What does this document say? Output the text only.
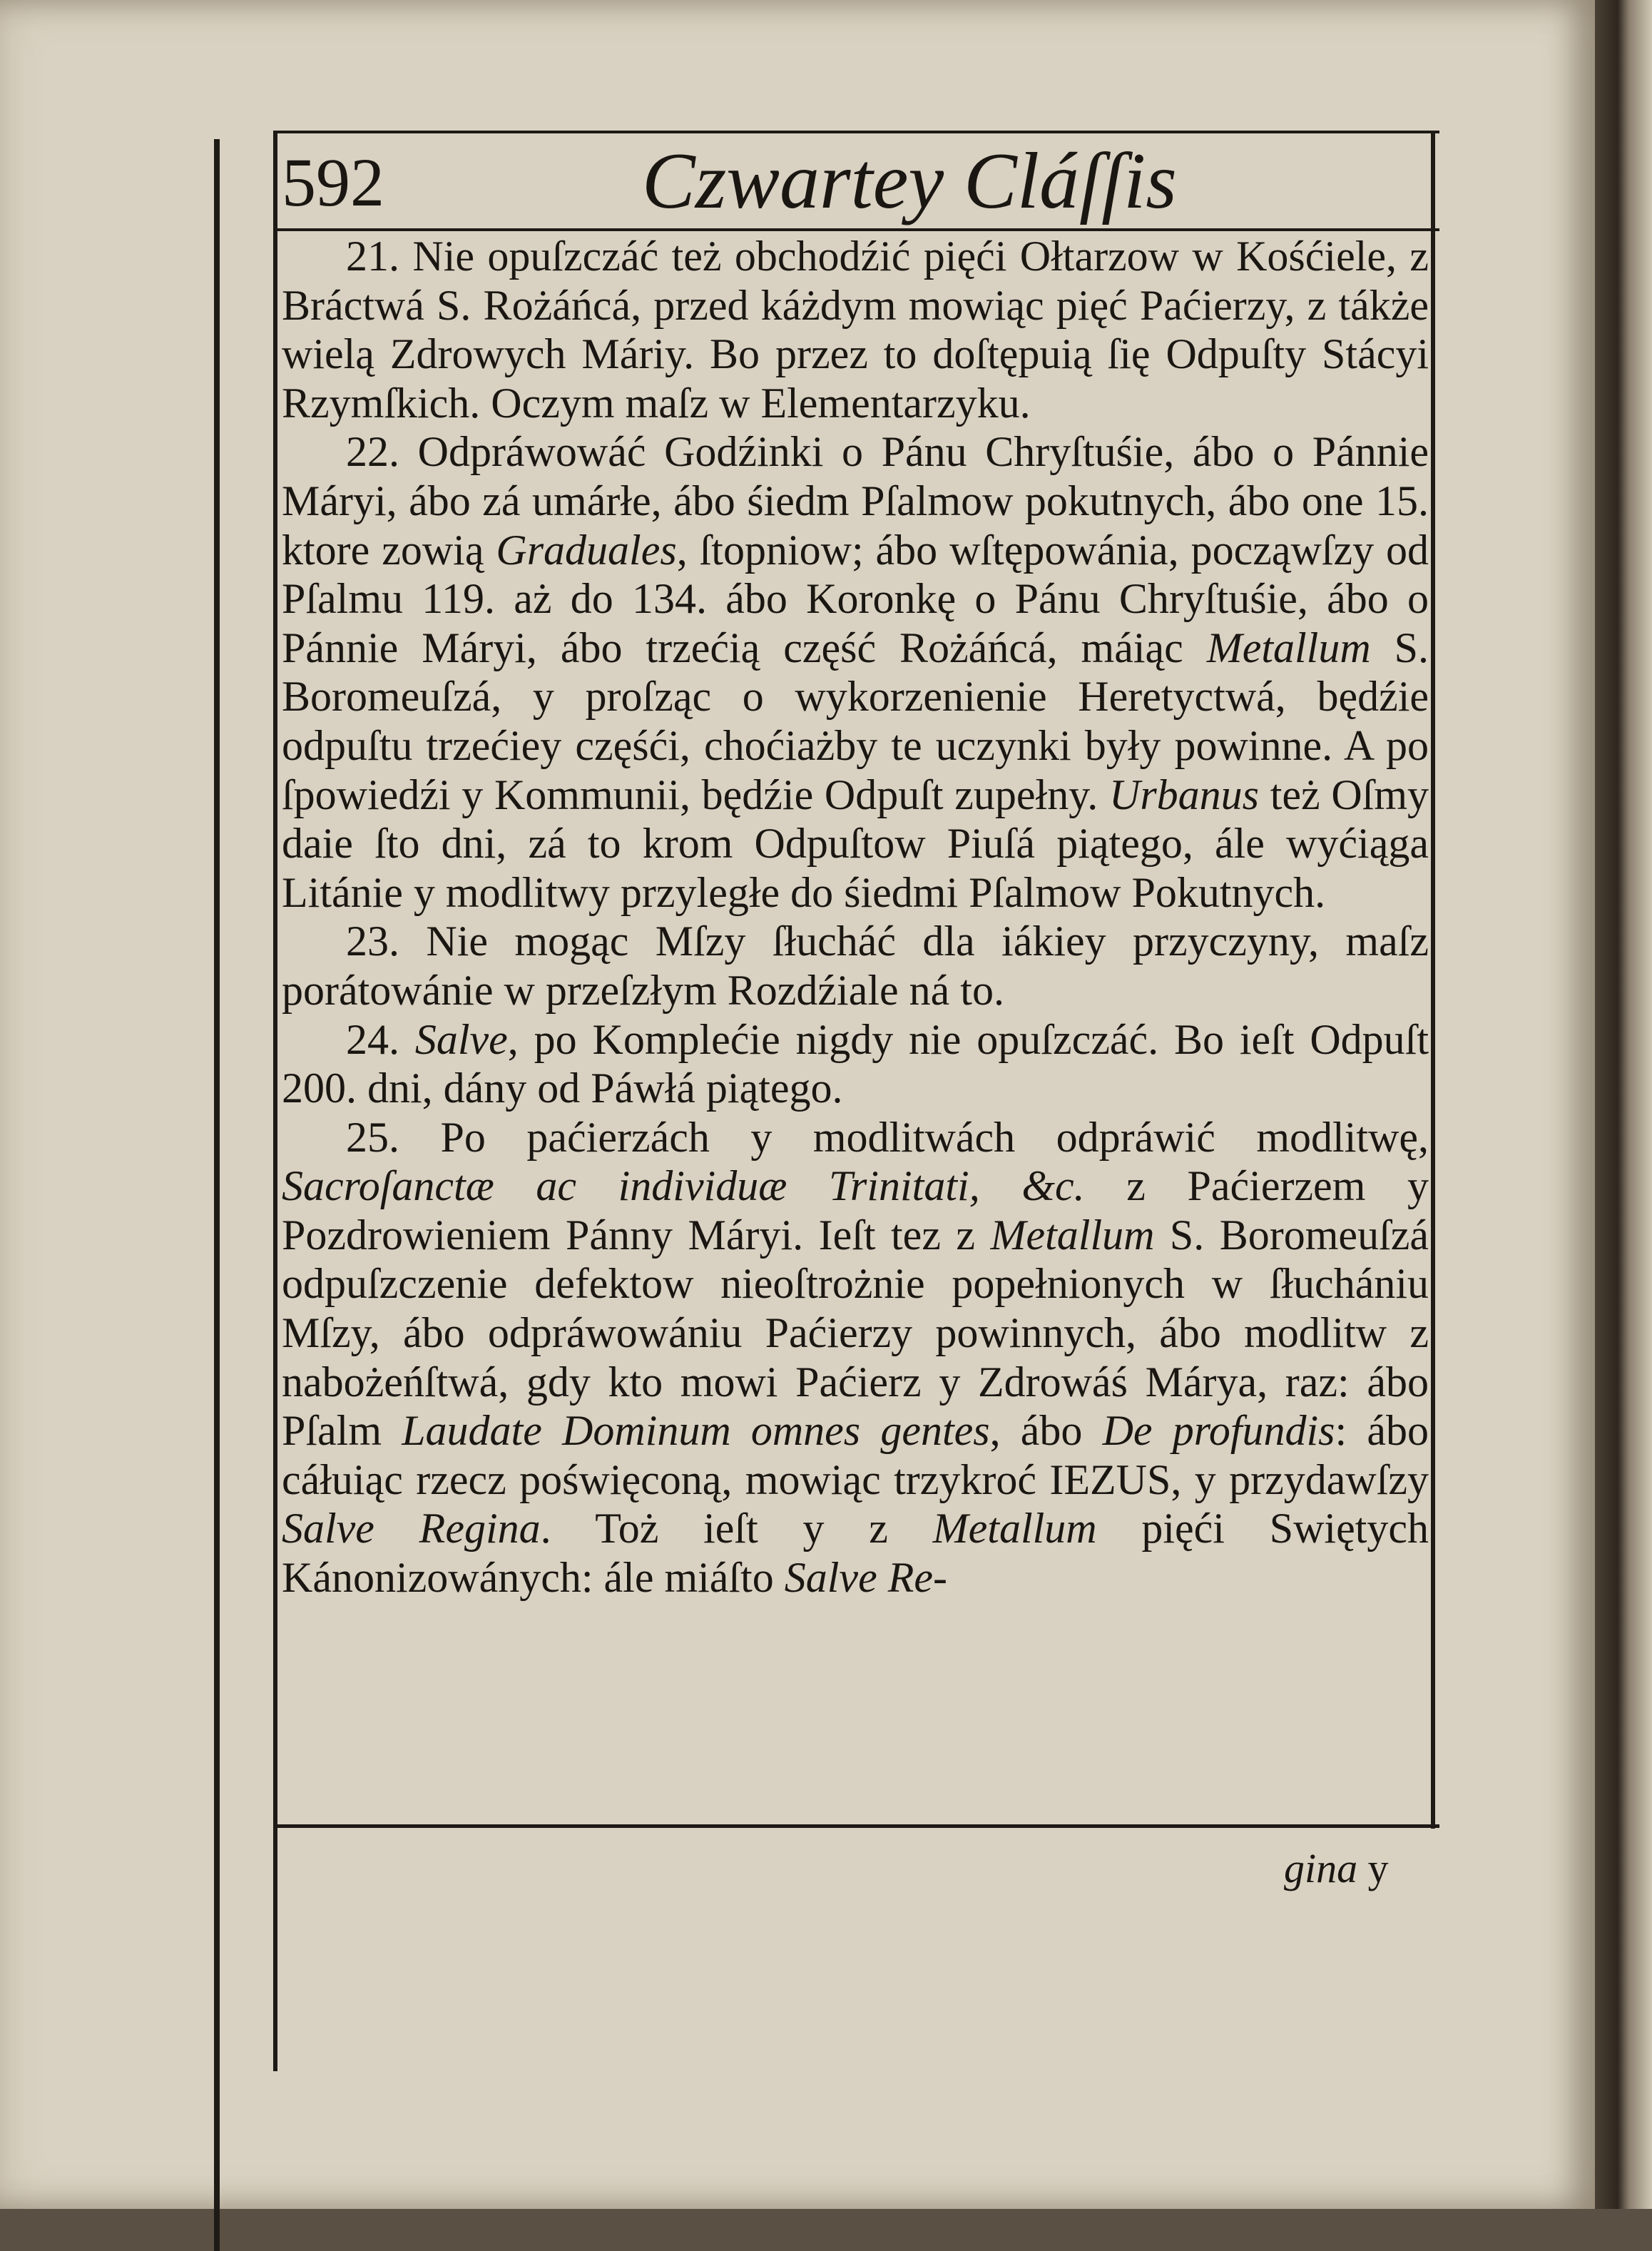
592	Czwartey Cláſſis

21. Nie opuſzczáć też obchodźić pięći Ołtarzow w Kośćiele, z Bráctwá S. Rożáńcá, przed káżdym mowiąc pięć Paćierzy, z tákże wielą Zdrowych Máriy. Bo przez to doſtępuią ſię Odpuſty Stácyi Rzymſkich. Oczym maſz w Elementarzyku.

22. Odpráwowáć Godźinki o Pánu Chryſtuśie, ábo o Pánnie Máryi, ábo zá umárłe, ábo śiedm Pſalmow pokutnych, ábo one 15. ktore zowią Graduales, ſtopniow; ábo wſtępowánia, począwſzy od Pſalmu 119. aż do 134. ábo Koronkę o Pánu Chryſtuśie, ábo o Pánnie Máryi, ábo trzećią część Rożáńcá, máiąc Metallum S. Boromeuſzá, y proſząc o wykorzenienie Heretyctwá, będźie odpuſtu trzećiey częśći, choćiażby te uczynki były powinne. A po ſpowiedźi y Kommunii, będźie Odpuſt zupełny. Urbanus też Oſmy daie ſto dni, zá to krom Odpuſtow Piuſá piątego, ále wyćiąga Litánie y modlitwy przyległe do śiedmi Pſalmow Pokutnych.

23. Nie mogąc Mſzy ſłucháć dla iákiey przyczyny, maſz porátowánie w przeſzłym Rozdźiale ná to.

24. Salve, po Komplećie nigdy nie opuſzczáć. Bo ieſt Odpuſt 200. dni, dány od Páwłá piątego.

25. Po paćierzách y modlitwách odpráwić modlitwę, Sacroſanctæ ac individuæ Trinitati, &c. z Paćierzem y Pozdrowieniem Pánny Máryi. Ieſt tez z Metallum S. Boromeuſzá odpuſzczenie defektow nieoſtrożnie popełnionych w ſłuchániu Mſzy, ábo odpráwowániu Paćierzy powinnych, ábo modlitw z nabożeńſtwá, gdy kto mowi Paćierz y Zdrowáś Márya, raz: ábo Pſalm Laudate Dominum omnes gentes, ábo De profundis: ábo cáłuiąc rzecz poświęconą, mowiąc trzykroć IEZUS, y przydawſzy Salve Regina. Toż ieſt y z Metallum pięći Swiętych Kánonizowánych: ále miáſto Salve Re-

gina y
